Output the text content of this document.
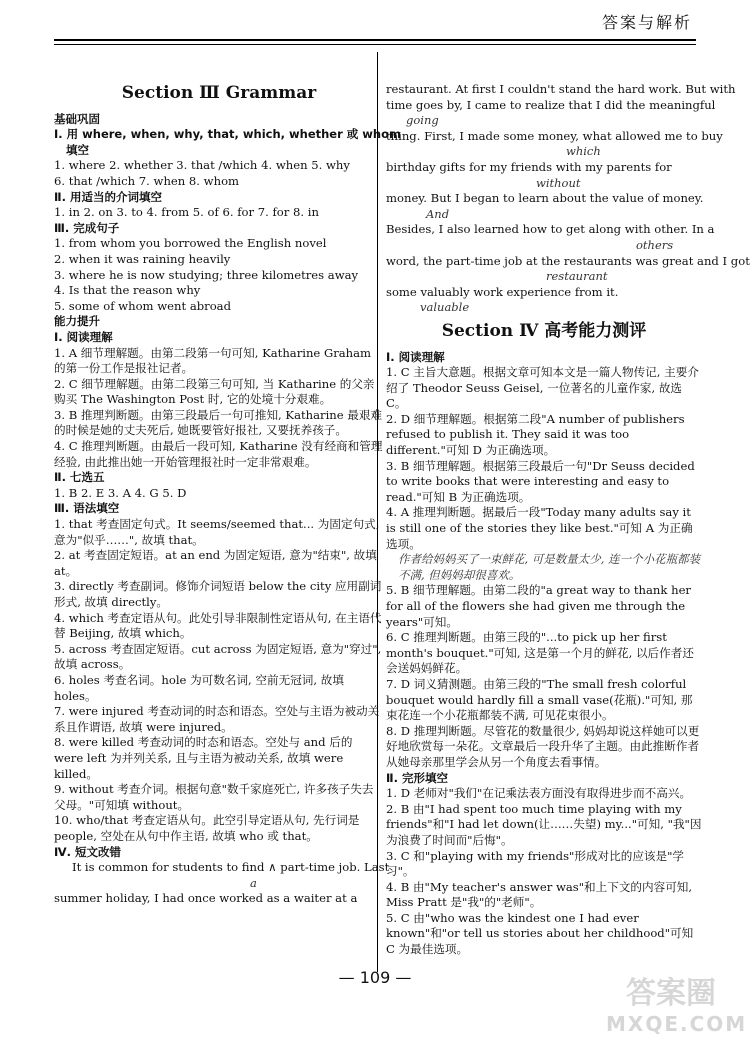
答案与解析
Section Ⅲ Grammar
基础巩固
Ⅰ. 用 where, when, why, that, which, whether 或 whom
填空
1. where 2. whether 3. that /which 4. when 5. why
6. that /which 7. when 8. whom
Ⅱ. 用适当的介词填空
1. in 2. on 3. to 4. from 5. of 6. for 7. for 8. in
Ⅲ. 完成句子
1. from whom you borrowed the English novel
2. when it was raining heavily
3. where he is now studying; three kilometres away
4. Is that the reason why
5. some of whom went abroad
能力提升
Ⅰ. 阅读理解
1. A 细节理解题。由第二段第一句可知, Katharine Graham 的第一份工作是报社记者。
2. C 细节理解题。由第二段第三句可知, 当 Katharine 的父亲购买 The Washington Post 时, 它的处境十分艰难。
3. B 推理判断题。由第三段最后一句可推知, Katharine 最艰难的时候是她的丈夫死后, 她既要管好报社, 又要抚养孩子。
4. C 推理判断题。由最后一段可知, Katharine 没有经商和管理经验, 由此推出她一开始管理报社时一定非常艰难。
Ⅱ. 七选五
1. B 2. E 3. A 4. G 5. D
Ⅲ. 语法填空
1. that 考查固定句式。It seems/seemed that... 为固定句式, 意为"似乎……", 故填 that。
2. at 考查固定短语。at an end 为固定短语, 意为"结束", 故填 at。
3. directly 考查副词。修饰介词短语 below the city 应用副词形式, 故填 directly。
4. which 考查定语从句。此处引导非限制性定语从句, 在主语代替 Beijing, 故填 which。
5. across 考查固定短语。cut across 为固定短语, 意为"穿过", 故填 across。
6. holes 考查名词。hole 为可数名词, 空前无冠词, 故填 holes。
7. were injured 考查动词的时态和语态。空处与主语为被动关系且作谓语, 故填 were injured。
8. were killed 考查动词的时态和语态。空处与 and 后的 were left 为并列关系, 且与主语为被动关系, 故填 were killed。
9. without 考查介词。根据句意"数千家庭死亡, 许多孩子失去父母。"可知填 without。
10. who/that 考查定语从句。此空引导定语从句, 先行词是 people, 空处在从句中作主语, 故填 who 或 that。
Ⅳ. 短文改错
It is common for students to find ∧ part-time job. Last
a
summer holiday, I had once worked as a waiter at a
restaurant. At first I couldn't stand the hard work. But with
time goes by, I came to realize that I did the meaningful
going
thing. First, I made some money, what allowed me to buy
which
birthday gifts for my friends with my parents for
without
money. But I began to learn about the value of money.
And
Besides, I also learned how to get along with other. In a
others
word, the part-time job at the restaurants was great and I got
restaurant
some valuably work experience from it.
valuable
Section Ⅳ 高考能力测评
Ⅰ. 阅读理解
1. C 主旨大意题。根据文章可知本文是一篇人物传记, 主要介绍了 Theodor Seuss Geisel, 一位著名的儿童作家, 故选 C。
2. D 细节理解题。根据第二段"A number of publishers refused to publish it. They said it was too different."可知 D 为正确选项。
3. B 细节理解题。根据第三段最后一句"Dr Seuss decided to write books that were interesting and easy to read."可知 B 为正确选项。
4. A 推理判断题。据最后一段"Today many adults say it is still one of the stories they like best."可知 A 为正确选项。
作者给妈妈买了一束鲜花, 可是数量太少, 连一个小花瓶都装不满, 但妈妈却很喜欢。
5. B 细节理解题。由第二段的"a great way to thank her for all of the flowers she had given me through the years"可知。
6. C 推理判断题。由第三段的"...to pick up her first month's bouquet."可知, 这是第一个月的鲜花, 以后作者还会送妈妈鲜花。
7. D 词义猜测题。由第三段的"The small fresh colorful bouquet would hardly fill a small vase(花瓶)."可知, 那束花连一个小花瓶都装不满, 可见花束很小。
8. D 推理判断题。尽管花的数量很少, 妈妈却说这样她可以更好地欣赏每一朵花。文章最后一段升华了主题。由此推断作者从她母亲那里学会从另一个角度去看事情。
Ⅱ. 完形填空
1. D 老师对"我们"在记乘法表方面没有取得进步而不高兴。
2. B 由"I had spent too much time playing with my friends"和"I had let down(让……失望) my..."可知, "我"因为浪费了时间而"后悔"。
3. C 和"playing with my friends"形成对比的应该是"学习"。
4. B 由"My teacher's answer was"和上下文的内容可知, Miss Pratt 是"我"的"老师"。
5. C 由"who was the kindest one I had ever known"和"or tell us stories about her childhood"可知 C 为最佳选项。
— 109 —	答案圈
MXQE.COM
